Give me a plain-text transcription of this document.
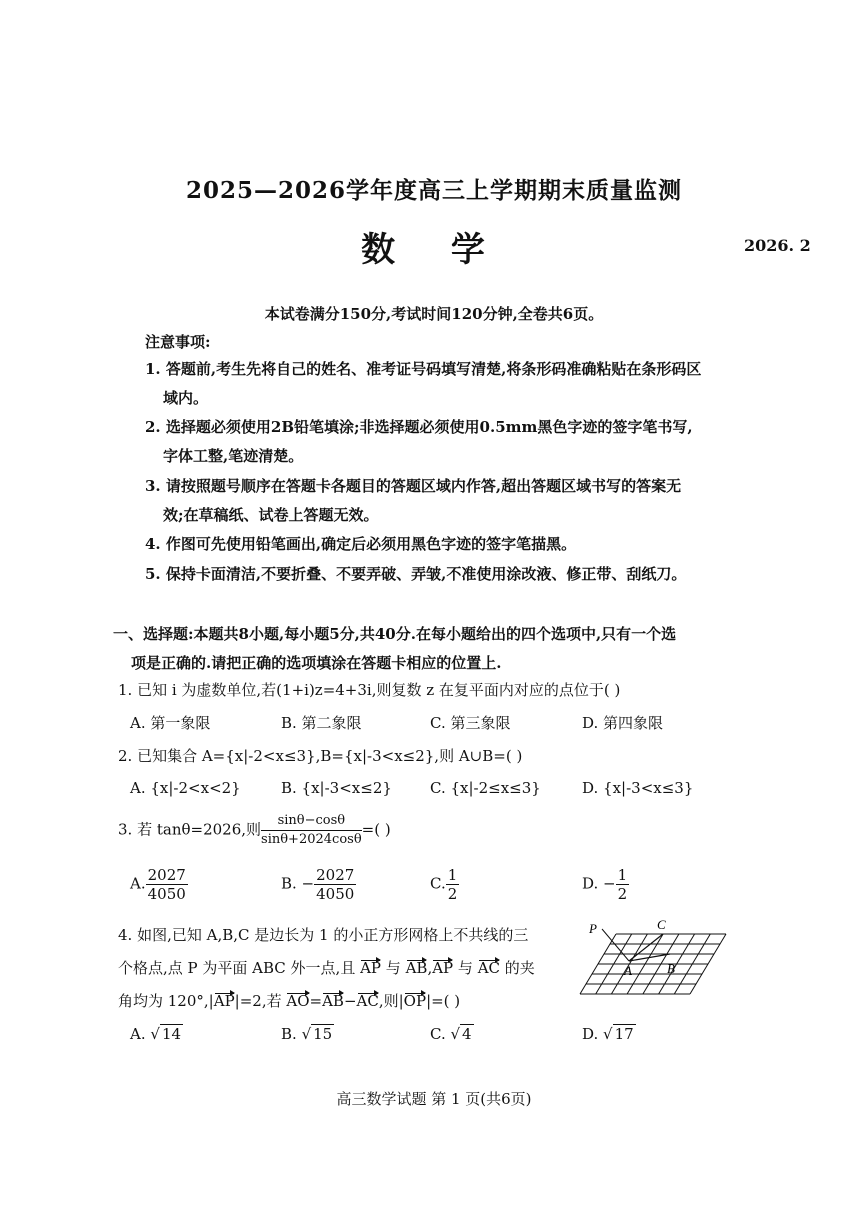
2025—2026学年度高三上学期期末质量监测
数 学	2026. 2
本试卷满分150分,考试时间120分钟,全卷共6页。
注意事项:
1. 答题前,考生先将自己的姓名、准考证号码填写清楚,将条形码准确粘贴在条形码区
域内。
2. 选择题必须使用2B铅笔填涂;非选择题必须使用0.5mm黑色字迹的签字笔书写,
字体工整,笔迹清楚。
3. 请按照题号顺序在答题卡各题目的答题区域内作答,超出答题区域书写的答案无
效;在草稿纸、试卷上答题无效。
4. 作图可先使用铅笔画出,确定后必须用黑色字迹的签字笔描黑。
5. 保持卡面清洁,不要折叠、不要弄破、弄皱,不准使用涂改液、修正带、刮纸刀。
一、选择题:本题共8小题,每小题5分,共40分.在每小题给出的四个选项中,只有一个选
项是正确的.请把正确的选项填涂在答题卡相应的位置上.
1. 已知 i 为虚数单位,若(1+i)z=4+3i,则复数 z 在复平面内对应的点位于( )
A. 第一象限	B. 第二象限	C. 第三象限	D. 第四象限
2. 已知集合 A={x|-2<x≤3},B={x|-3<x≤2},则 A∪B=( )
A. {x|-2<x<2}	B. {x|-3<x≤2}	C. {x|-2≤x≤3}	D. {x|-3<x≤3}
3. 若 tanθ=2026,则 $\frac{\sin\theta-\cos\theta}{\sin\theta+2024\cos\theta}$ =( )
A. $\frac{2027}{4050}$	B. − $\frac{2027}{4050}$	C. $\frac{1}{2}$	D. − $\frac{1}{2}$
4. 如图,已知 A,B,C 是边长为 1 的小正方形网格上不共线的三
个格点,点 P 为平面 ABC 外一点,且 AP 与 AB,AP 与 AC 的夹
角均为 120°,|AP|=2,若 AO=AB−AC,则|OP|=( )
A. √ 14	B. √ 15	C. √ 4	D. √ 17
P	C
A	B
高三数学试题 第 1 页(共6页)
